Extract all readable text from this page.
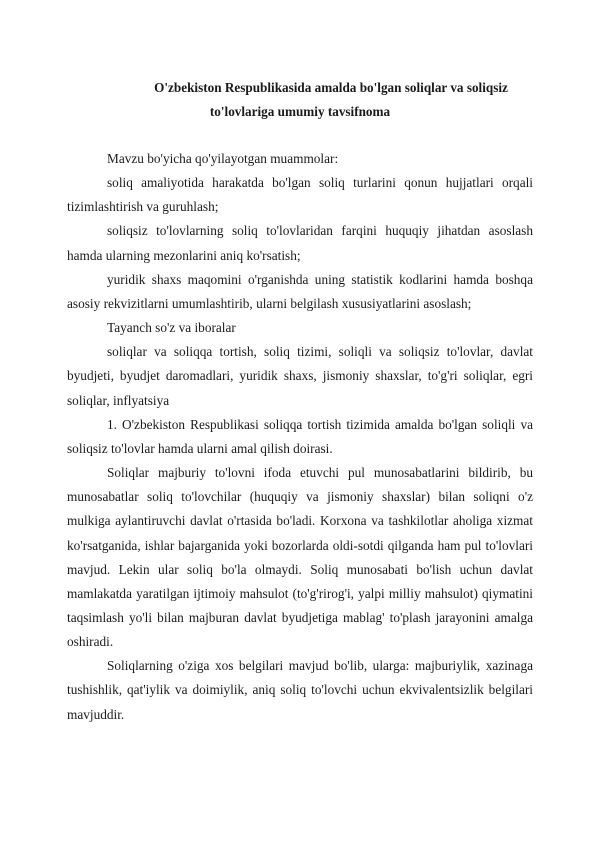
O'zbekiston Respublikasida amalda bo'lgan soliqlar va soliqsiz
to'lovlariga umumiy tavsifnoma

Mavzu bo'yicha qo'yilayotgan muammolar:

soliq amaliyotida harakatda bo'lgan soliq turlarini qonun hujjatlari orqali tizimlashtirish va guruhlash;

soliqsiz to'lovlarning soliq to'lovlaridan farqini huquqiy jihatdan asoslash hamda ularning mezonlarini aniq ko'rsatish;

yuridik shaxs maqomini o'rganishda uning statistik kodlarini hamda boshqa asosiy rekvizitlarni umumlashtirib, ularni belgilash xususiyatlarini asoslash;

Tayanch so'z va iboralar

soliqlar va soliqqa tortish, soliq tizimi, soliqli va soliqsiz to'lovlar, davlat byudjeti, byudjet daromadlari, yuridik shaxs, jismoniy shaxslar, to'g'ri soliqlar, egri soliqlar, inflyatsiya

1. O'zbekiston Respublikasi soliqqa tortish tizimida amalda bo'lgan soliqli va soliqsiz to'lovlar hamda ularni amal qilish doirasi.

Soliqlar majburiy to'lovni ifoda etuvchi pul munosabatlarini bildirib, bu munosabatlar soliq to'lovchilar (huquqiy va jismoniy shaxslar) bilan soliqni o'z mulkiga aylantiruvchi davlat o'rtasida bo'ladi. Korxona va tashkilotlar aholiga xizmat ko'rsatganida, ishlar bajarganida yoki bozorlarda oldi-sotdi qilganda ham pul to'lovlari mavjud. Lekin ular soliq bo'la olmaydi. Soliq munosabati bo'lish uchun davlat mamlakatda yaratilgan ijtimoiy mahsulot (to'g'rirog'i, yalpi milliy mahsulot) qiymatini taqsimlash yo'li bilan majburan davlat byudjetiga mablag' to'plash jarayonini amalga oshiradi.

Soliqlarning o'ziga xos belgilari mavjud bo'lib, ularga: majburiylik, xazinaga tushishlik, qat'iylik va doimiylik, aniq soliq to'lovchi uchun ekvivalentsizlik belgilari mavjuddir.
